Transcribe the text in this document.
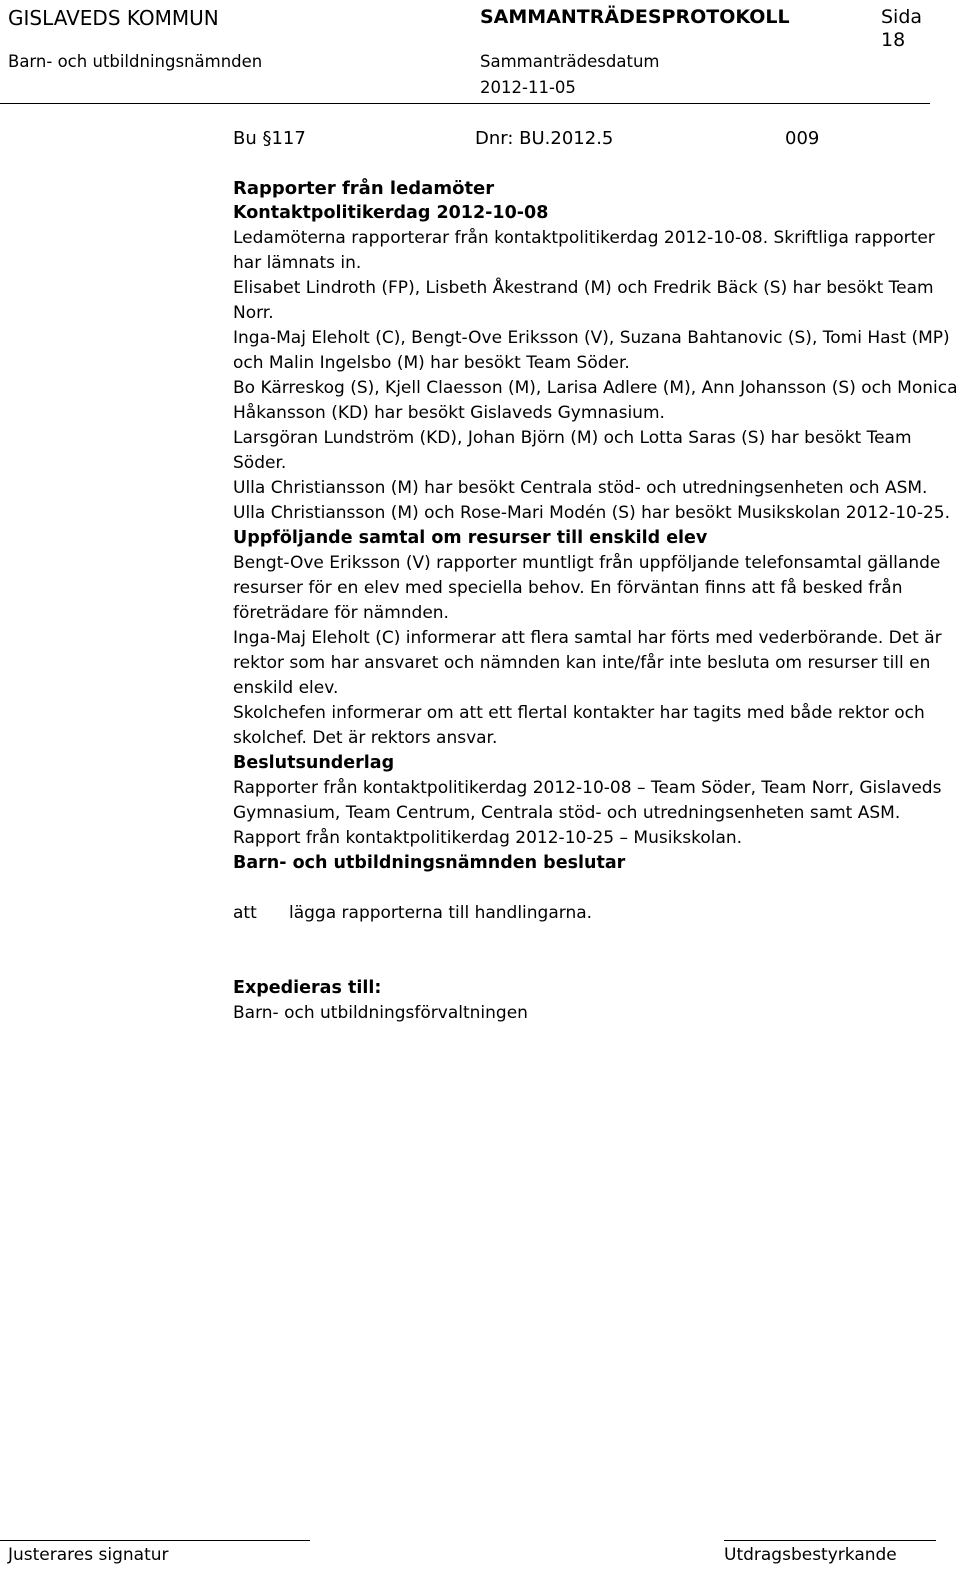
GISLAVEDS KOMMUN
Barn- och utbildningsnämnden
SAMMANTRÄDESPROTOKOLL
Sammanträdesdatum
2012-11-05
Sida
18
Bu §117	Dnr: BU.2012.5	009

Rapporter från ledamöter

Kontaktpolitikerdag 2012-10-08

Ledamöterna rapporterar från kontaktpolitikerdag 2012-10-08. Skriftliga rapporter har lämnats in.

Elisabet Lindroth (FP), Lisbeth Åkestrand (M) och Fredrik Bäck (S) har besökt Team Norr.

Inga-Maj Eleholt (C), Bengt-Ove Eriksson (V), Suzana Bahtanovic (S), Tomi Hast (MP) och Malin Ingelsbo (M) har besökt Team Söder.

Bo Kärreskog (S), Kjell Claesson (M), Larisa Adlere (M), Ann Johansson (S) och Monica Håkansson (KD) har besökt Gislaveds Gymnasium.

Larsgöran Lundström (KD), Johan Björn (M) och Lotta Saras (S) har besökt Team Söder.

Ulla Christiansson (M) har besökt Centrala stöd- och utredningsenheten och ASM.

Ulla Christiansson (M) och Rose-Mari Modén (S) har besökt Musikskolan 2012-10-25.

Uppföljande samtal om resurser till enskild elev

Bengt-Ove Eriksson (V) rapporter muntligt från uppföljande telefonsamtal gällande resurser för en elev med speciella behov. En förväntan finns att få besked från företrädare för nämnden.

Inga-Maj Eleholt (C) informerar att flera samtal har förts med vederbörande. Det är rektor som har ansvaret och nämnden kan inte/får inte besluta om resurser till en enskild elev.

Skolchefen informerar om att ett flertal kontakter har tagits med både rektor och skolchef. Det är rektors ansvar.

Beslutsunderlag

Rapporter från kontaktpolitikerdag 2012-10-08 – Team Söder, Team Norr, Gislaveds Gymnasium, Team Centrum, Centrala stöd- och utredningsenheten samt ASM.

Rapport från kontaktpolitikerdag 2012-10-25 – Musikskolan.

Barn- och utbildningsnämnden beslutar

att	lägga rapporterna till handlingarna.

Expedieras till:

Barn- och utbildningsförvaltningen

Justerares signatur	Utdragsbestyrkande
